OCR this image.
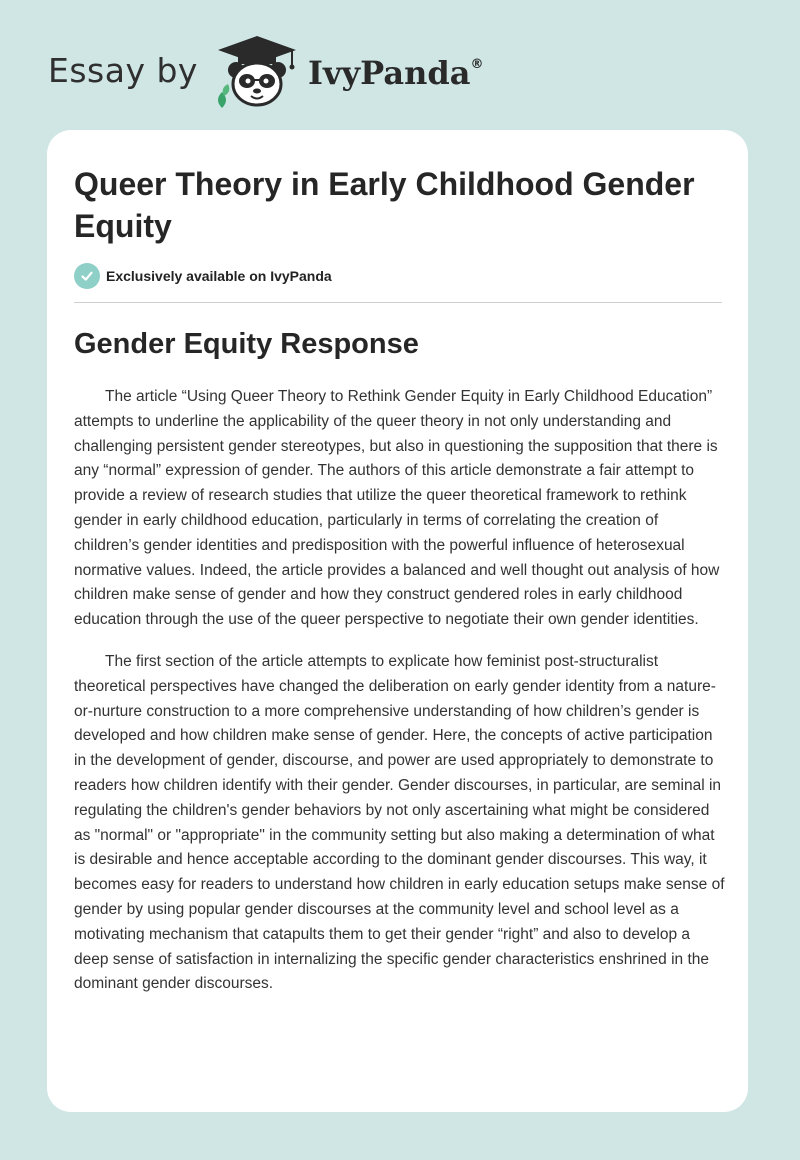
Essay by	IvyPanda®
Queer Theory in Early Childhood Gender Equity
Exclusively available on IvyPanda
Gender Equity Response

The article “Using Queer Theory to Rethink Gender Equity in Early Childhood Education” attempts to underline the applicability of the queer theory in not only understanding and challenging persistent gender stereotypes, but also in questioning the supposition that there is any “normal” expression of gender. The authors of this article demonstrate a fair attempt to provide a review of research studies that utilize the queer theoretical framework to rethink gender in early childhood education, particularly in terms of correlating the creation of children’s gender identities and predisposition with the powerful influence of heterosexual normative values. Indeed, the article provides a balanced and well thought out analysis of how children make sense of gender and how they construct gendered roles in early childhood education through the use of the queer perspective to negotiate their own gender identities.

The first section of the article attempts to explicate how feminist post-structuralist theoretical perspectives have changed the deliberation on early gender identity from a nature-or-nurture construction to a more comprehensive understanding of how children’s gender is developed and how children make sense of gender. Here, the concepts of active participation in the development of gender, discourse, and power are used appropriately to demonstrate to readers how children identify with their gender. Gender discourses, in particular, are seminal in regulating the children's gender behaviors by not only ascertaining what might be considered as "normal" or "appropriate" in the community setting but also making a determination of what is desirable and hence acceptable according to the dominant gender discourses. This way, it becomes easy for readers to understand how children in early education setups make sense of gender by using popular gender discourses at the community level and school level as a motivating mechanism that catapults them to get their gender “right” and also to develop a deep sense of satisfaction in internalizing the specific gender characteristics enshrined in the dominant gender discourses.
